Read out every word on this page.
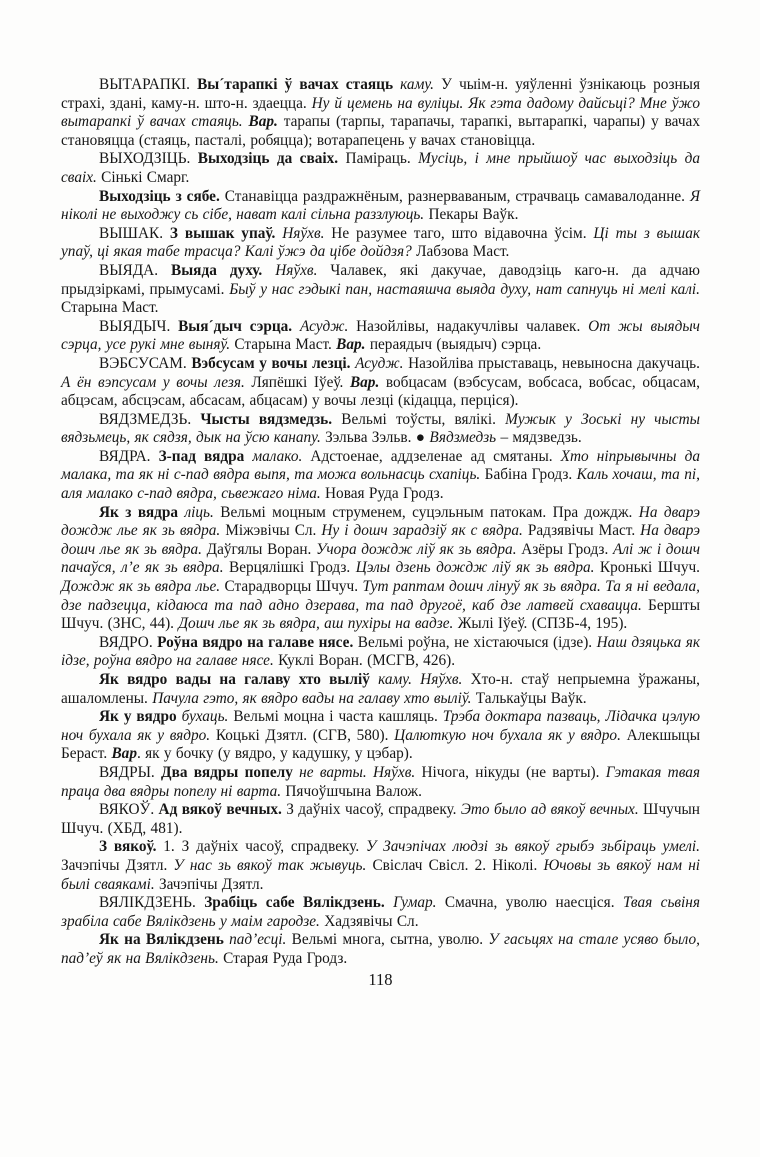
ВЫТАРАПКІ. Вы´тарапкі ў вачах стаяць каму. У чыім-н. уяўленні ўзнікаюць розныя страхі, здані, каму-н. што-н. здаецца. Ну й цемень на вуліцы. Як гэта дадому дайсьці? Мне ўжо вытарапкі ў вачах стаяць. Вар. тарапы (тарпы, тарапачы, тарапкі, вытарапкі, чарапы) у вачах становяцца (стаяць, пасталі, робяцца); вотарапецень у вачах становіцца.

ВЫХОДЗІЦЬ. Выходзіць да сваіх. Паміраць. Мусіць, і мне прыйшоў час выходзіць да сваіх. Сінькі Смарг.

Выходзіць з сябе. Станавіцца раздражнёным, разнерваваным, страчваць самавалоданне. Я ніколі не выходжу сь сібе, нават калі сільна раззлуюць. Пекары Ваўк.

ВЫШАК. З вышак упаў. Няўхв. Не разумее таго, што відавочна ўсім. Ці ты з вышак упаў, ці якая табе трасца? Калі ўжэ да цібе дойдзя? Лабзова Маст.

ВЫЯДА. Выяда духу. Няўхв. Чалавек, які дакучае, даводзіць каго-н. да адчаю прыдзіркамі, прымусамі. Быў у нас гэдыкі пан, настаяшча выяда духу, нат сапнуць ні мелі калі. Старына Маст.

ВЫЯДЫЧ. Выя´дыч сэрца. Асудж. Назойлівы, надакучлівы чалавек. От жы выядыч сэрца, усе рукі мне выняў. Старына Маст. Вар. пераядыч (выядыч) сэрца.

ВЭБСУСАМ. Вэбсусам у вочы лезці. Асудж. Назойліва прыставаць, невыносна дакучаць. А ён вэпсусам у вочы лезя. Ляпёшкі Іўеў. Вар. вобцасам (вэбсусам, вобсаса, вобсас, обцасам, абцэсам, абсцэсам, абсасам, абцасам) у вочы лезці (кідацца, перціся).

ВЯДЗМЕДЗЬ. Чысты вядзмедзь. Вельмі тоўсты, вялікі. Мужык у Зоські ну чысты вядзьмець, як сядзя, дык на ўсю канапу. Зэльва Зэльв. ● Вядзмедзь – мядзведзь.

ВЯДРА. З-пад вядра малако. Адстоенае, аддзеленае ад смятаны. Хто ніпрывычны да малака, та як ні с-пад вядра выпя, та можа вольнасць схапіць. Бабіна Гродз. Каль хочаш, та пі, аля малако с-пад вядра, сьвежаго німа. Новая Руда Гродз.

Як з вядра ліць. Вельмі моцным струменем, суцэльным патокам. Пра дождж. На дварэ дождж лье як зь вядра. Міжэвічы Сл. Ну і дошч зарадзіў як с вядра. Радзявічы Маст. На дварэ дошч лье як зь вядра. Даўгялы Воран. Учора дождж ліў як зь вядра. Азёры Гродз. Алі ж і дошч пачаўся, л’е як зь вядра. Верцялішкі Гродз. Цэлы дзень дождж ліў як зь вядра. Кронькі Шчуч. Дождж як зь вядра лье. Старадворцы Шчуч. Тут раптам дошч лінуў як зь вядра. Та я ні ведала, дзе падзецца, кідаюса та пад адно дзерава, та пад другоё, каб дзе латвей схавацца. Бершты Шчуч. (ЗНС, 44). Дошч лье як зь вядра, аш пухіры на вадзе. Жылі Іўеў. (СПЗБ-4, 195).

ВЯДРО. Роўна вядро на галаве нясе. Вельмі роўна, не хістаючыся (ідзе). Наш дзяцька як ідзе, роўна вядро на галаве нясе. Куклі Воран. (МСГВ, 426).

Як вядро вады на галаву хто выліў каму. Няўхв. Хто-н. стаў непрыемна ўражаны, ашаломлены. Пачула гэто, як вядро вады на галаву хто выліў. Талькаўцы Ваўк.

Як у вядро бухаць. Вельмі моцна і часта кашляць. Трэба доктара пазваць, Лідачка цэлую ноч бухала як у вядро. Коцькі Дзятл. (СГВ, 580). Цалюткую ноч бухала як у вядро. Алекшыцы Бераст. Вар. як у бочку (у вядро, у кадушку, у цэбар).

ВЯДРЫ. Два вядры попелу не варты. Няўхв. Нічога, нікуды (не варты). Гэтакая твая праца два вядры попелу ні варта. Пячоўшчына Валож.

ВЯКОЎ. Ад вякоў вечных. З даўніх часоў, спрадвеку. Это было ад вякоў вечных. Шчучын Шчуч. (ХБД, 481).

З вякоў. 1. З даўніх часоў, спрадвеку. У Зачэпічах людзі зь вякоў грыбэ зьбіраць умелі. Зачэпічы Дзятл. У нас зь вякоў так жывуць. Свіслач Свісл. 2. Ніколі. Ючовы зь вякоў нам ні былі сваякамі. Зачэпічы Дзятл.

ВЯЛІКДЗЕНЬ. Зрабіць сабе Вялікдзень. Гумар. Смачна, уволю наесціся. Твая сьвіня зрабіла сабе Вялікдзень у маім гародзе. Хадзявічы Сл.

Як на Вялікдзень пад’есці. Вельмі многа, сытна, уволю. У гасьцях на стале усяво было, пад’еў як на Вялікдзень. Старая Руда Гродз.

118
